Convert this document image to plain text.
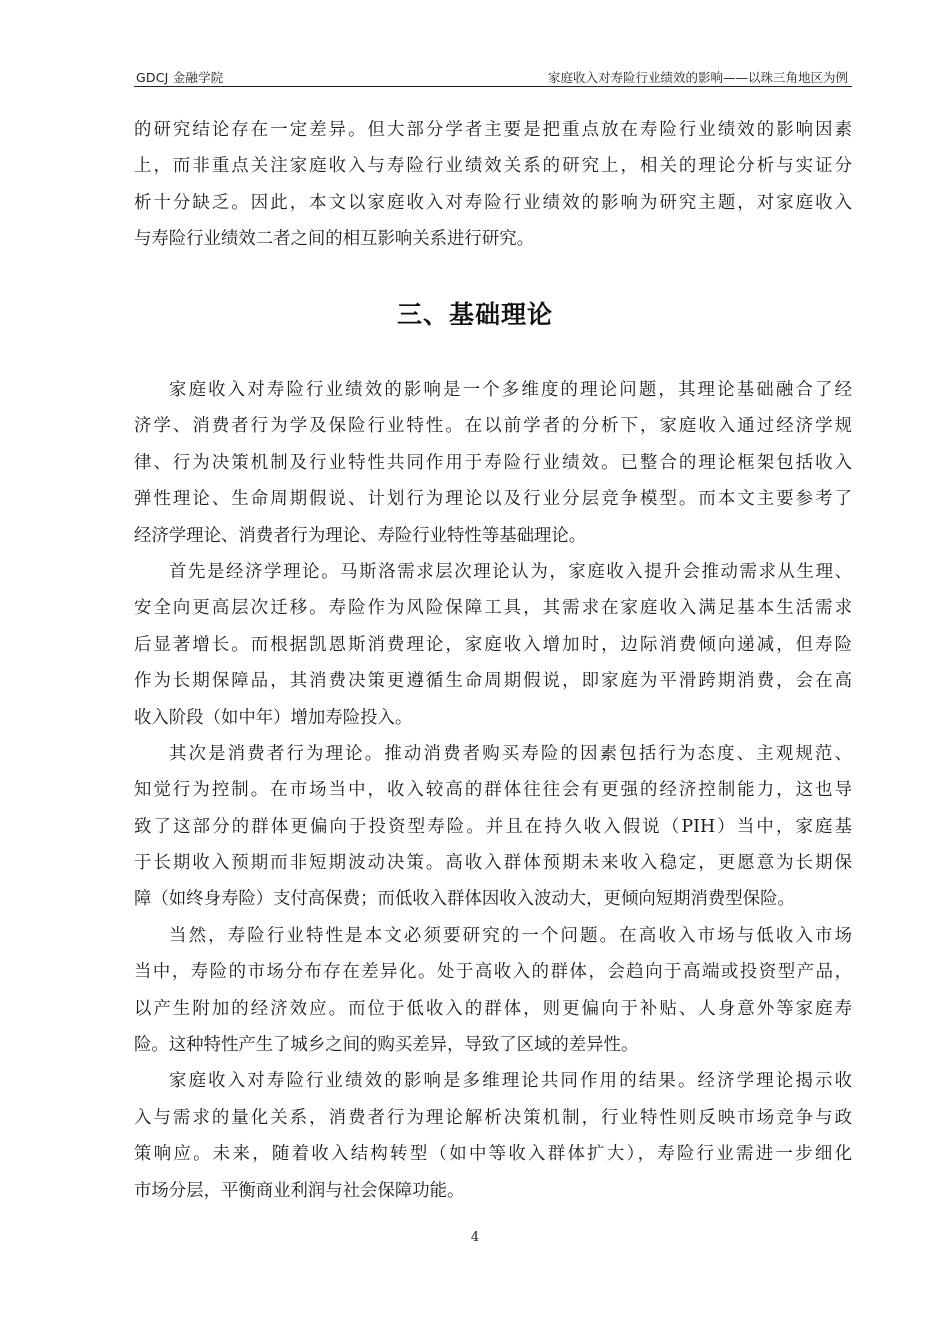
GDCJ 金融学院	家庭收入对寿险行业绩效的影响——以珠三角地区为例
的研究结论存在一定差异。但大部分学者主要是把重点放在寿险行业绩效的影响因素
上，而非重点关注家庭收入与寿险行业绩效关系的研究上，相关的理论分析与实证分
析十分缺乏。因此，本文以家庭收入对寿险行业绩效的影响为研究主题，对家庭收入
与寿险行业绩效二者之间的相互影响关系进行研究。
三、基础理论
家庭收入对寿险行业绩效的影响是一个多维度的理论问题，其理论基础融合了经
济学、消费者行为学及保险行业特性。在以前学者的分析下，家庭收入通过经济学规
律、行为决策机制及行业特性共同作用于寿险行业绩效。已整合的理论框架包括收入
弹性理论、生命周期假说、计划行为理论以及行业分层竞争模型。而本文主要参考了
经济学理论、消费者行为理论、寿险行业特性等基础理论。
首先是经济学理论。马斯洛需求层次理论认为，家庭收入提升会推动需求从生理、
安全向更高层次迁移。寿险作为风险保障工具，其需求在家庭收入满足基本生活需求
后显著增长。而根据凯恩斯消费理论，家庭收入增加时，边际消费倾向递减，但寿险
作为长期保障品，其消费决策更遵循生命周期假说，即家庭为平滑跨期消费，会在高
收入阶段（如中年）增加寿险投入。
其次是消费者行为理论。推动消费者购买寿险的因素包括行为态度、主观规范、
知觉行为控制。在市场当中，收入较高的群体往往会有更强的经济控制能力，这也导
致了这部分的群体更偏向于投资型寿险。并且在持久收入假说（PIH）当中，家庭基
于长期收入预期而非短期波动决策。高收入群体预期未来收入稳定，更愿意为长期保
障（如终身寿险）支付高保费；而低收入群体因收入波动大，更倾向短期消费型保险。
当然，寿险行业特性是本文必须要研究的一个问题。在高收入市场与低收入市场
当中，寿险的市场分布存在差异化。处于高收入的群体，会趋向于高端或投资型产品，
以产生附加的经济效应。而位于低收入的群体，则更偏向于补贴、人身意外等家庭寿
险。这种特性产生了城乡之间的购买差异，导致了区域的差异性。
家庭收入对寿险行业绩效的影响是多维理论共同作用的结果。经济学理论揭示收
入与需求的量化关系，消费者行为理论解析决策机制，行业特性则反映市场竞争与政
策响应。未来，随着收入结构转型（如中等收入群体扩大），寿险行业需进一步细化
市场分层，平衡商业利润与社会保障功能。
4
